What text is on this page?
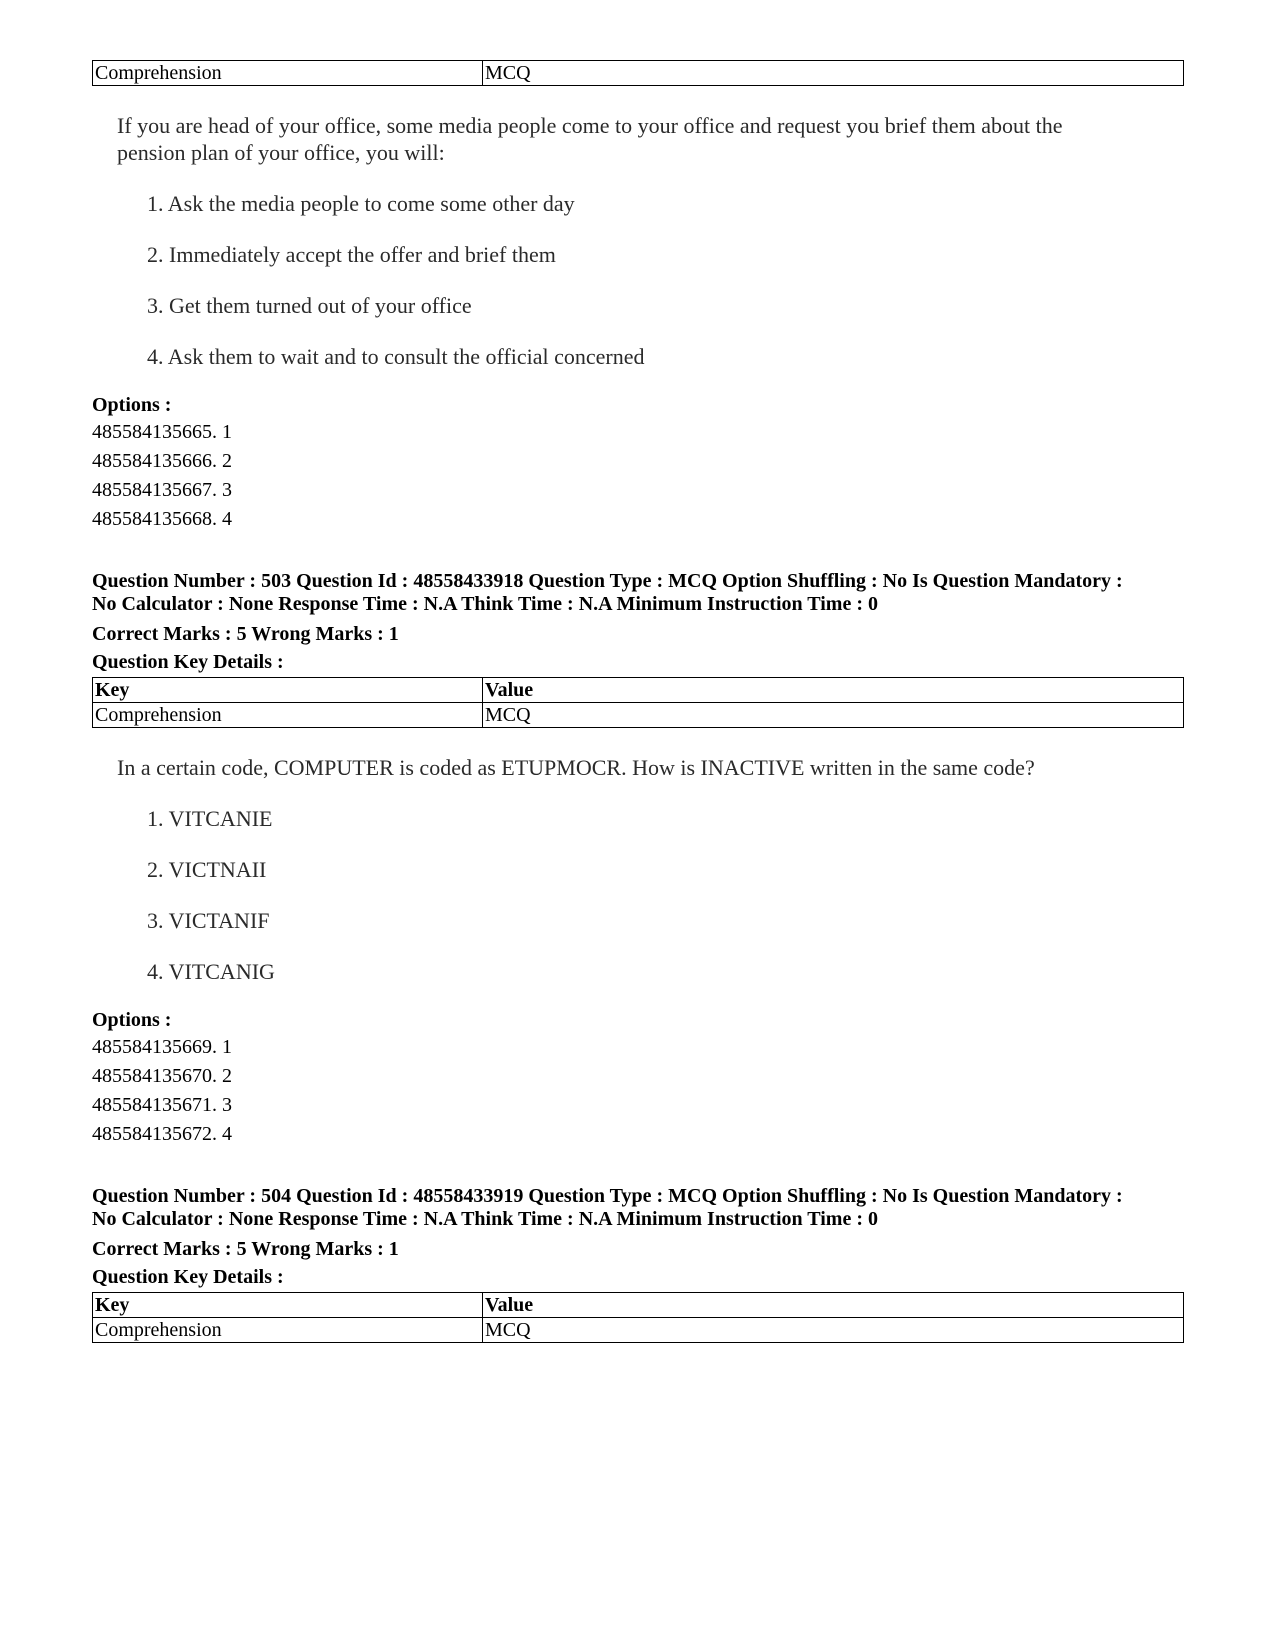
Comprehension	MCQ
If you are head of your office, some media people come to your office and request you brief them about the pension plan of your office, you will:
1. Ask the media people to come some other day
2. Immediately accept the offer and brief them
3. Get them turned out of your office
4. Ask them to wait and to consult the official concerned
Options :
485584135665. 1
485584135666. 2
485584135667. 3
485584135668. 4
Question Number : 503 Question Id : 48558433918 Question Type : MCQ Option Shuffling : No Is Question Mandatory :
No Calculator : None Response Time : N.A Think Time : N.A Minimum Instruction Time : 0
Correct Marks : 5 Wrong Marks : 1
Question Key Details :
Key	Value
Comprehension	MCQ
In a certain code, COMPUTER is coded as ETUPMOCR. How is INACTIVE written in the same code?
1. VITCANIE
2. VICTNAII
3. VICTANIF
4. VITCANIG
Options :
485584135669. 1
485584135670. 2
485584135671. 3
485584135672. 4
Question Number : 504 Question Id : 48558433919 Question Type : MCQ Option Shuffling : No Is Question Mandatory :
No Calculator : None Response Time : N.A Think Time : N.A Minimum Instruction Time : 0
Correct Marks : 5 Wrong Marks : 1
Question Key Details :
Key	Value
Comprehension	MCQ
